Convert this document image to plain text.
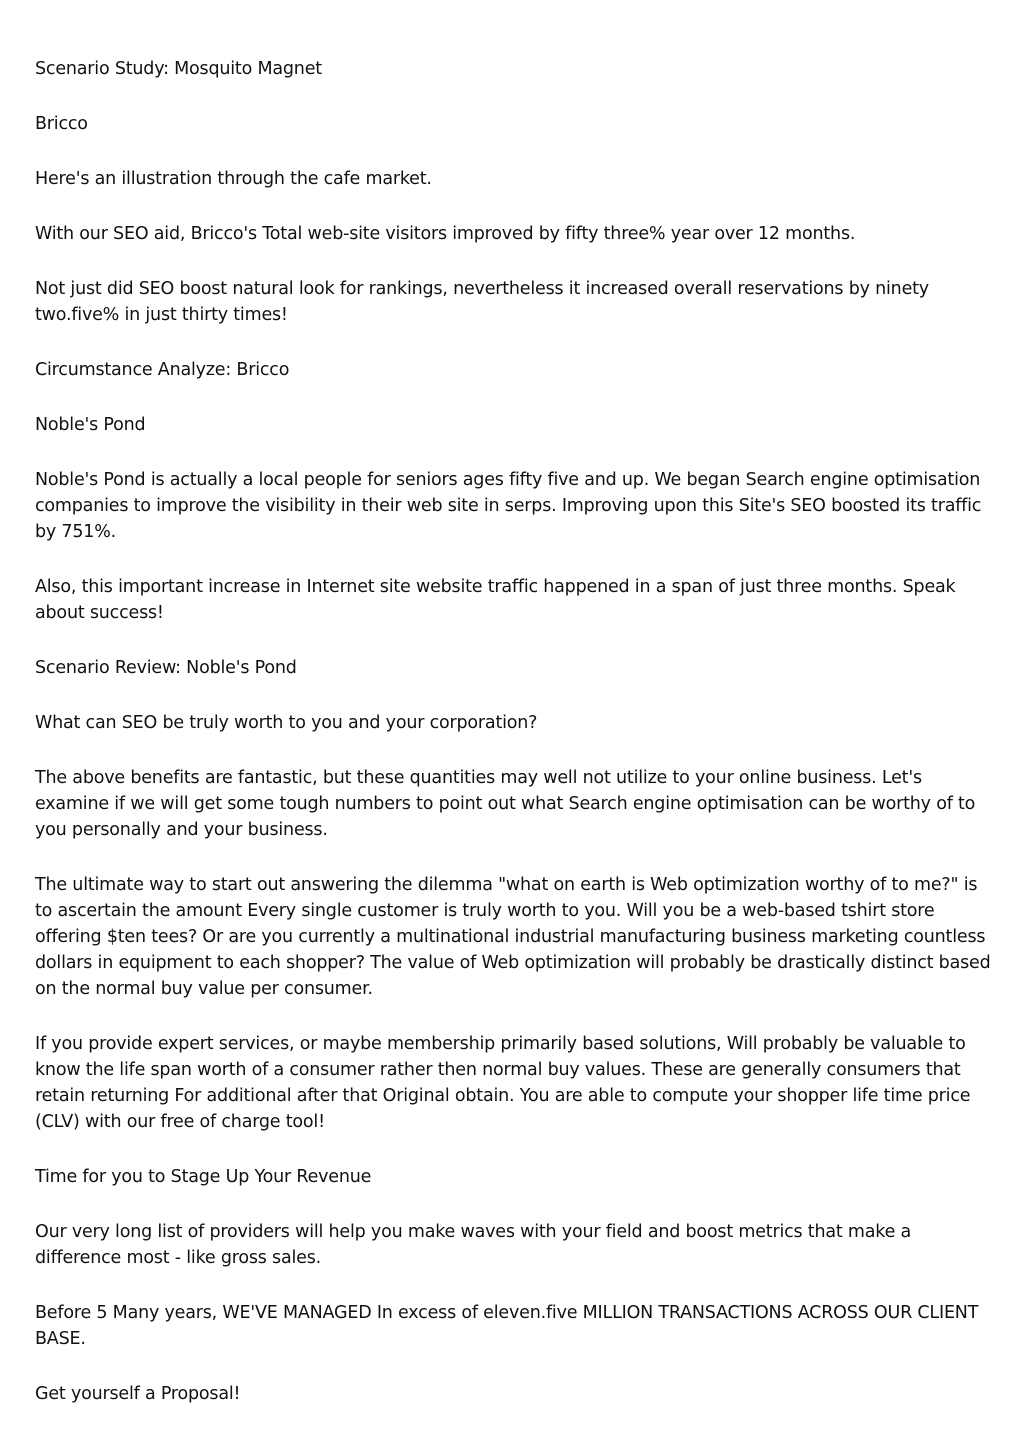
Scenario Study: Mosquito Magnet

Bricco

Here's an illustration through the cafe market.

With our SEO aid, Bricco's Total web-site visitors improved by fifty three% year over 12 months.

Not just did SEO boost natural look for rankings, nevertheless it increased overall reservations by ninety two.five% in just thirty times!

Circumstance Analyze: Bricco

Noble's Pond

Noble's Pond is actually a local people for seniors ages fifty five and up. We began Search engine optimisation companies to improve the visibility in their web site in serps. Improving upon this Site's SEO boosted its traffic by 751%.

Also, this important increase in Internet site website traffic happened in a span of just three months. Speak about success!

Scenario Review: Noble's Pond

What can SEO be truly worth to you and your corporation?

The above benefits are fantastic, but these quantities may well not utilize to your online business. Let's examine if we will get some tough numbers to point out what Search engine optimisation can be worthy of to you personally and your business.

The ultimate way to start out answering the dilemma "what on earth is Web optimization worthy of to me?" is to ascertain the amount Every single customer is truly worth to you. Will you be a web-based tshirt store offering $ten tees? Or are you currently a multinational industrial manufacturing business marketing countless dollars in equipment to each shopper? The value of Web optimization will probably be drastically distinct based on the normal buy value per consumer.

If you provide expert services, or maybe membership primarily based solutions, Will probably be valuable to know the life span worth of a consumer rather then normal buy values. These are generally consumers that retain returning For additional after that Original obtain. You are able to compute your shopper life time price (CLV) with our free of charge tool!

Time for you to Stage Up Your Revenue

Our very long list of providers will help you make waves with your field and boost metrics that make a difference most - like gross sales.

Before 5 Many years, WE'VE MANAGED In excess of eleven.five MILLION TRANSACTIONS ACROSS OUR CLIENT BASE.

Get yourself a Proposal!
